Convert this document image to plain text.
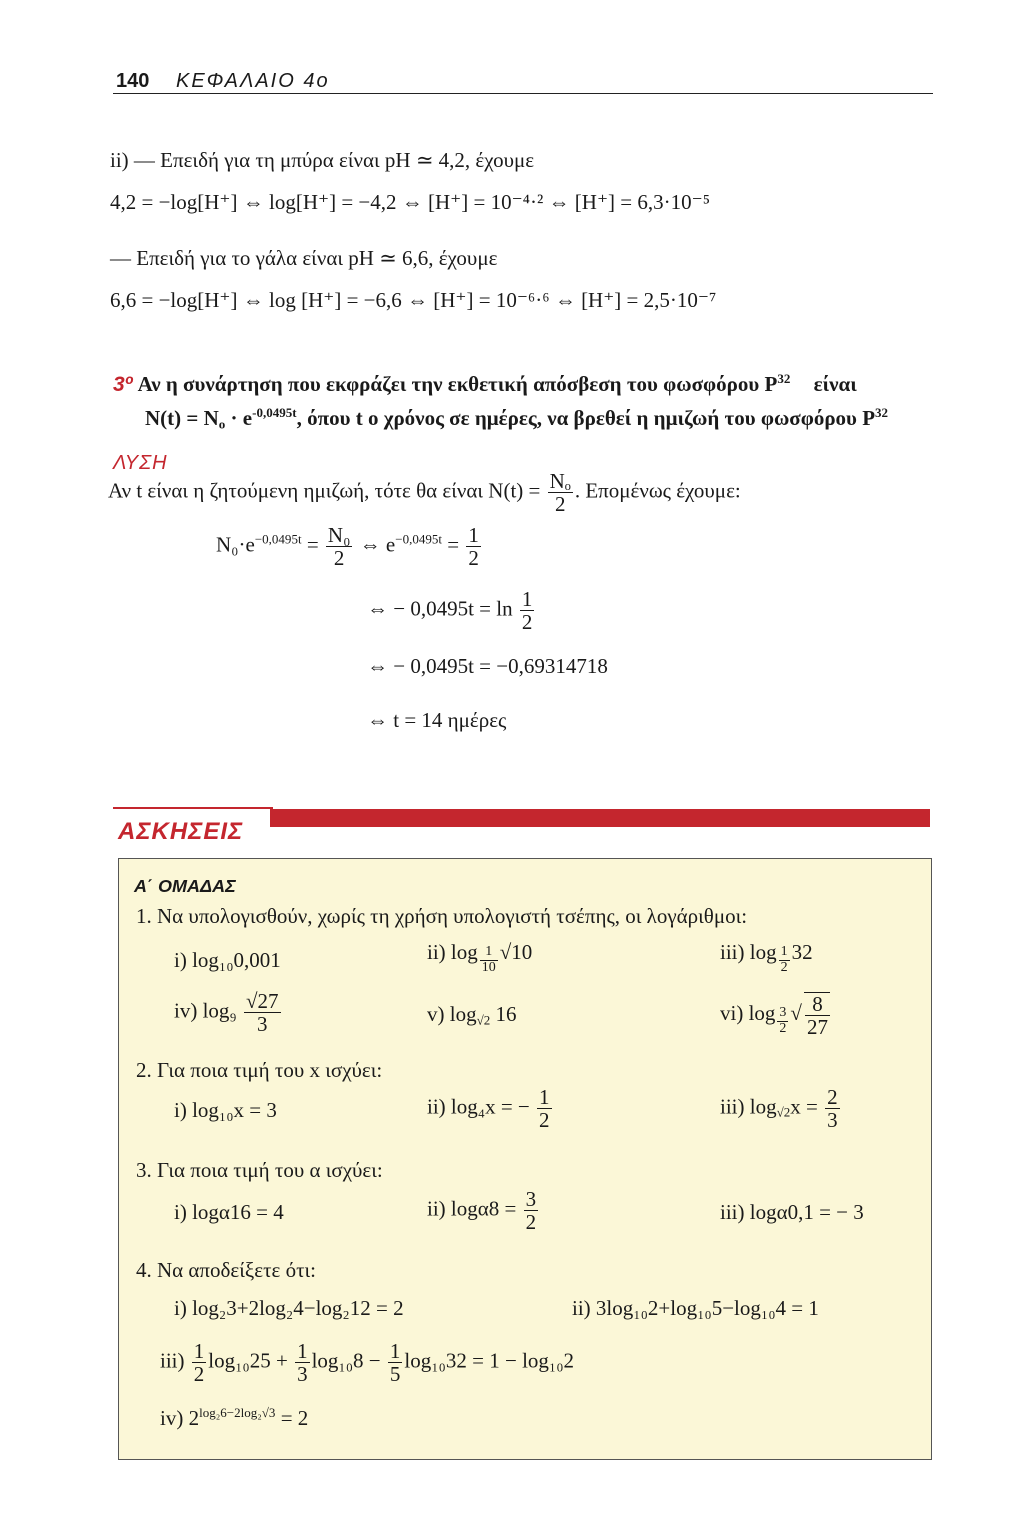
140 ΚΕΦΑΛΑΙΟ 4ο
ii) — Επειδή για τη μπύρα είναι pH ≃ 4,2, έχουμε
4,2 = −log[H⁺] ⇔ log[H⁺] = −4,2 ⇔ [H⁺] = 10⁻⁴·² ⇔ [H⁺] = 6,3·10⁻⁵
— Επειδή για το γάλα είναι pH ≃ 6,6, έχουμε
6,6 = −log[H⁺] ⇔ log [H⁺] = −6,6 ⇔ [H⁺] = 10⁻⁶·⁶ ⇔ [H⁺] = 2,5·10⁻⁷
3º Αν η συνάρτηση που εκφράζει την εκθετική απόσβεση του φωσφόρου $P^{32}$ είναι
$N(t) = N_o \cdot e^{-0,0495t}$, όπου t ο χρόνος σε ημέρες, να βρεθεί η ημιζωή του φωσφόρου $P^{32}$
ΛΥΣΗ
Αν t είναι η ζητούμενη ημιζωή, τότε θα είναι $N(t) = \frac{\text{Nₒ}}{2}$ . Επομένως έχουμε:
$N_0\cdot e^{-0,0495t} = \frac{\text{N₀}}{2}$ ⇔ $e^{-0,0495t} = \frac{1}{2}$
⇔ − $0,0495t = \ln \frac{1}{2}$
⇔ − 0,0495t = −0,69314718
⇔ t = 14 ημέρες
ΑΣΚΗΣΕΙΣ
Α΄ ΟΜΑΔΑΣ
1. Να υπολογισθούν, χωρίς τη χρήση υπολογιστή τσέπης, οι λογάριθμοι:
i) log₁₀0,001	ii) $\log \frac{1}{10} √10$	iii) $\log \frac{1}{2} 32$
iv) $\log_9 \frac{√27}{3}$	v) $\log_{√2} 16$	vi) $\log \frac{3}{2}$ √ $\frac{8}{27}$
2. Για ποια τιμή του x ισχύει:
i) log₁₀x = 3	ii) log₄x = − $\frac{1}{2}$	iii) $\log_{√2}x = \frac{2}{3}$
3. Για ποια τιμή του α ισχύει:
i) logα16 = 4	ii) $\log\alpha 8 = \frac{3}{2}$	iii) logα0,1 = − 3
4. Να αποδείξετε ότι:
i) log₂3+2log₂4−log₂12 = 2	ii) 3log₁₀2+log₁₀5−log₁₀4 = 1
$iii) \frac{1}{2} \log_{10}25 + \frac{1}{3} \log_{10}8 - \frac{1}{5} \log_{10}32 = 1 - \log_{10}2$
iv) $2^{log_26-2log_2√3} = 2$
